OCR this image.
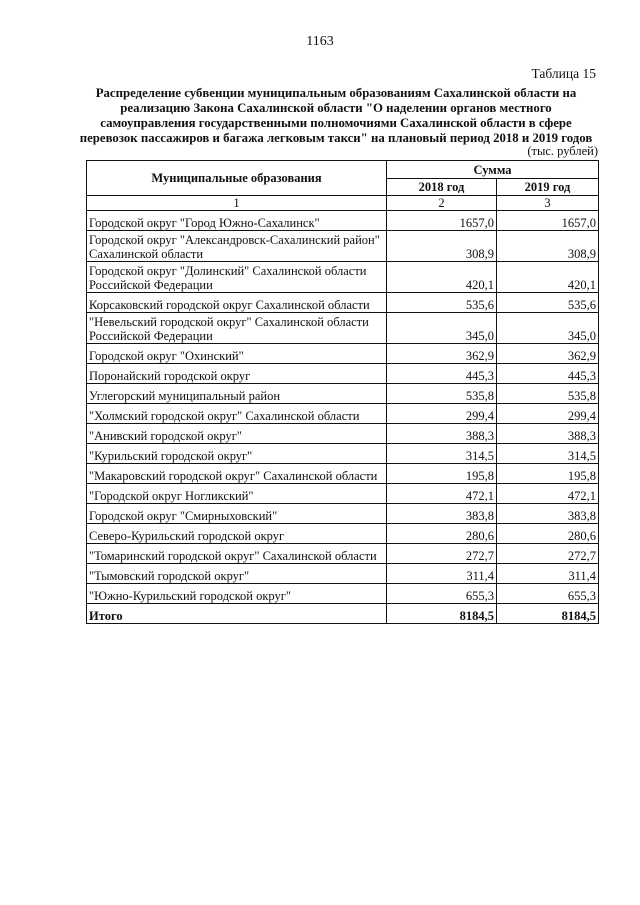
1163
Таблица 15
Распределение субвенции муниципальным образованиям Сахалинской области на
реализацию Закона Сахалинской области "О наделении органов местного
самоуправления государственными полномочиями Сахалинской области в сфере
перевозок пассажиров и багажа легковым такси" на плановый период 2018 и 2019 годов
(тыс. рублей)
Муниципальные образования	Сумма	
	2018 год	2019 год
1	2	3
Городской округ "Город Южно-Сахалинск"	1657,0	1657,0
Городской округ "Александровск-Сахалинский район" Сахалинской области	308,9	308,9
Городской округ "Долинский" Сахалинской области Российской Федерации	420,1	420,1
Корсаковский городской округ Сахалинской области	535,6	535,6
"Невельский городской округ" Сахалинской области Российской Федерации	345,0	345,0
Городской округ "Охинский"	362,9	362,9
Поронайский городской округ	445,3	445,3
Углегорский муниципальный район	535,8	535,8
"Холмский городской округ" Сахалинской области	299,4	299,4
"Анивский городской округ"	388,3	388,3
"Курильский городской округ"	314,5	314,5
"Макаровский городской округ" Сахалинской области	195,8	195,8
"Городской округ Ногликский"	472,1	472,1
Городской округ "Смирныховский"	383,8	383,8
Северо-Курильский городской округ	280,6	280,6
"Томаринский городской округ" Сахалинской области	272,7	272,7
"Тымовский городской округ"	311,4	311,4
"Южно-Курильский городской округ"	655,3	655,3
Итого	8184,5	8184,5
